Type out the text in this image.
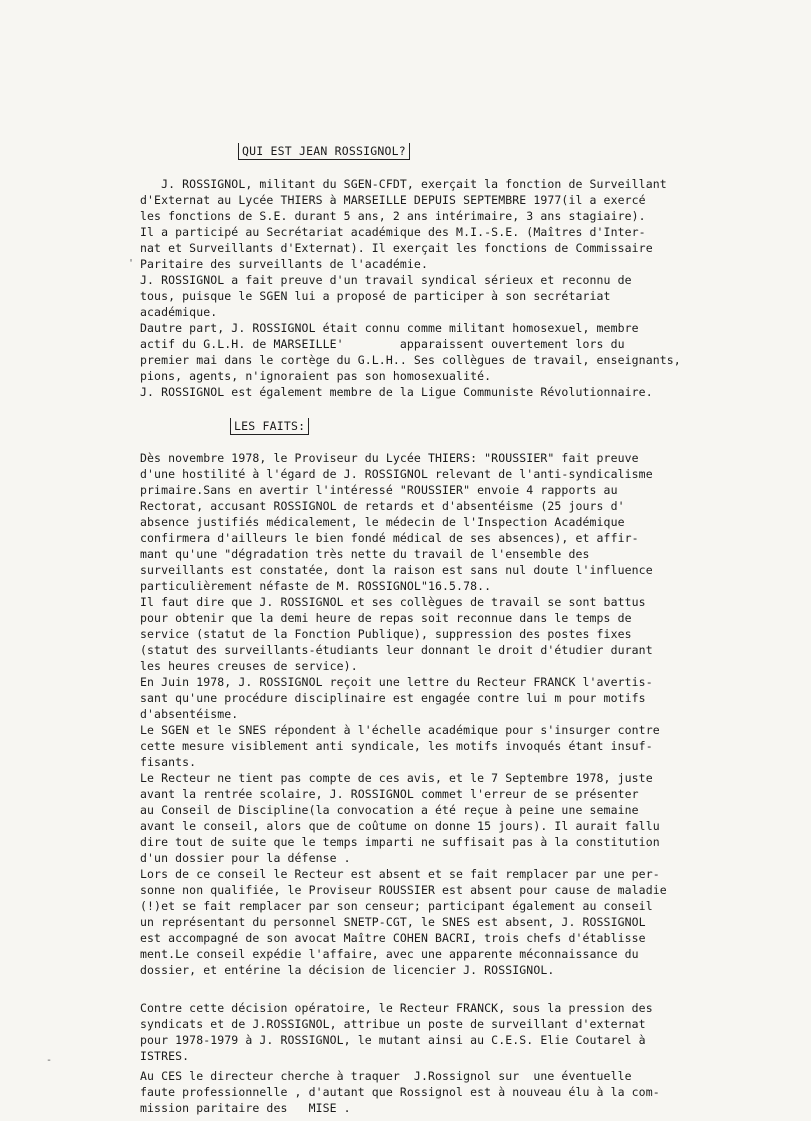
QUI EST JEAN ROSSIGNOL?
J. ROSSIGNOL, militant du SGEN-CFDT, exerçait la fonction de Surveillant
d'Externat au Lycée THIERS à MARSEILLE DEPUIS SEPTEMBRE 1977(il a exercé
les fonctions de S.E. durant 5 ans, 2 ans intérimaire, 3 ans stagiaire).
Il a participé au Secrétariat académique des M.I.-S.E. (Maîtres d'Inter-
nat et Surveillants d'Externat). Il exerçait les fonctions de Commissaire
Paritaire des surveillants de l'académie.
J. ROSSIGNOL a fait preuve d'un travail syndical sérieux et reconnu de
tous, puisque le SGEN lui a proposé de participer à son secrétariat
académique.
Dautre part, J. ROSSIGNOL était connu comme militant homosexuel, membre
actif du G.L.H. de MARSEILLE'        apparaissent ouvertement lors du
premier mai dans le cortège du G.L.H.. Ses collègues de travail, enseignants,
pions, agents, n'ignoraient pas son homosexualité.
J. ROSSIGNOL est également membre de la Ligue Communiste Révolutionnaire.
LES FAITS:
Dès novembre 1978, le Proviseur du Lycée THIERS: "ROUSSIER" fait preuve
d'une hostilité à l'égard de J. ROSSIGNOL relevant de l'anti-syndicalisme
primaire.Sans en avertir l'intéressé "ROUSSIER" envoie 4 rapports au
Rectorat, accusant ROSSIGNOL de retards et d'absentéisme (25 jours d'
absence justifiés médicalement, le médecin de l'Inspection Académique
confirmera d'ailleurs le bien fondé médical de ses absences), et affir-
mant qu'une "dégradation très nette du travail de l'ensemble des
surveillants est constatée, dont la raison est sans nul doute l'influence
particulièrement néfaste de M. ROSSIGNOL"16.5.78..
Il faut dire que J. ROSSIGNOL et ses collègues de travail se sont battus
pour obtenir que la demi heure de repas soit reconnue dans le temps de
service (statut de la Fonction Publique), suppression des postes fixes
(statut des surveillants-étudiants leur donnant le droit d'étudier durant
les heures creuses de service).
En Juin 1978, J. ROSSIGNOL reçoit une lettre du Recteur FRANCK l'avertis-
sant qu'une procédure disciplinaire est engagée contre lui m pour motifs
d'absentéisme.
Le SGEN et le SNES répondent à l'échelle académique pour s'insurger contre
cette mesure visiblement anti syndicale, les motifs invoqués étant insuf-
fisants.
Le Recteur ne tient pas compte de ces avis, et le 7 Septembre 1978, juste
avant la rentrée scolaire, J. ROSSIGNOL commet l'erreur de se présenter
au Conseil de Discipline(la convocation a été reçue à peine une semaine
avant le conseil, alors que de coûtume on donne 15 jours). Il aurait fallu
dire tout de suite que le temps imparti ne suffisait pas à la constitution
d'un dossier pour la défense .
Lors de ce conseil le Recteur est absent et se fait remplacer par une per-
sonne non qualifiée, le Proviseur ROUSSIER est absent pour cause de maladie
(!)et se fait remplacer par son censeur; participant également au conseil
un représentant du personnel SNETP-CGT, le SNES est absent, J. ROSSIGNOL
est accompagné de son avocat Maître COHEN BACRI, trois chefs d'établisse
ment.Le conseil expédie l'affaire, avec une apparente méconnaissance du
dossier, et entérine la décision de licencier J. ROSSIGNOL.
Contre cette décision opératoire, le Recteur FRANCK, sous la pression des
syndicats et de J.ROSSIGNOL, attribue un poste de surveillant d'externat
pour 1978-1979 à J. ROSSIGNOL, le mutant ainsi au C.E.S. Elie Coutarel à
ISTRES.
Au CES le directeur cherche à traquer  J.Rossignol sur  une éventuelle
faute professionnelle , d'autant que Rossignol est à nouveau élu à la com-
mission paritaire des   MISE .
'
-
